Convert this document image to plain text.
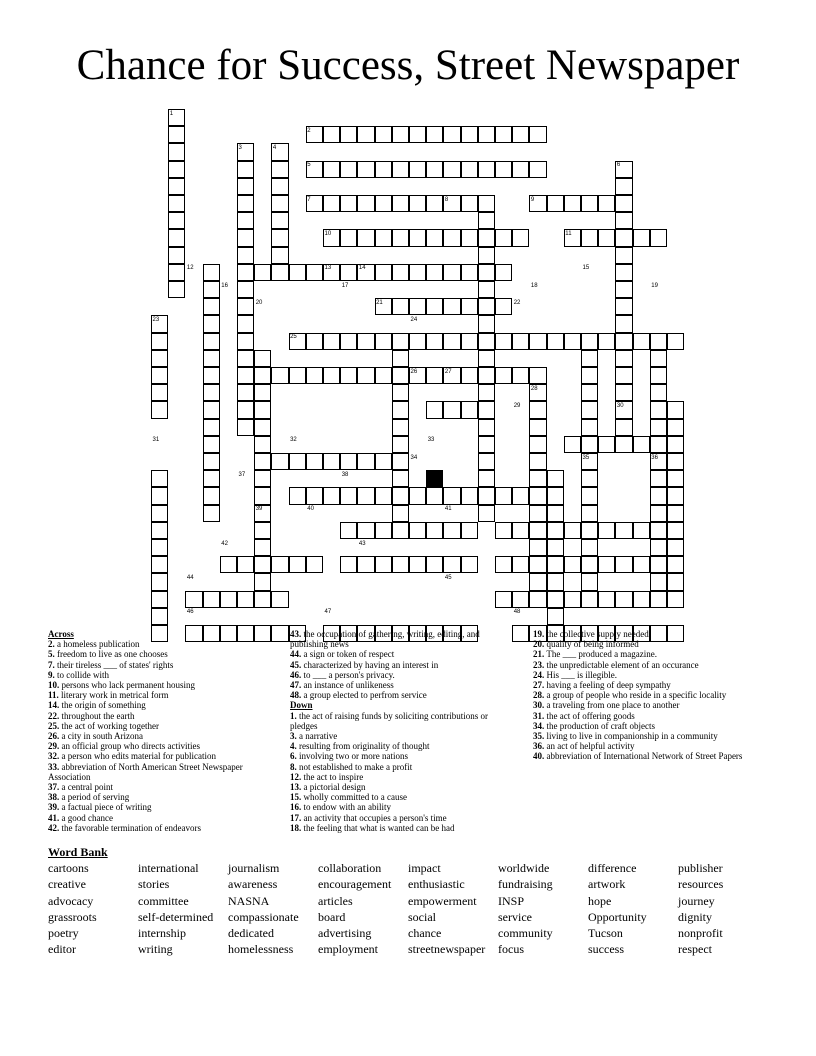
Chance for Success, Street Newspaper
1
2
3	4
5	6
7	8	9
10	11
12	13	14	15
16	17	18	19
20	21	22
23	24
25
26	27
28
29	30
31	32	33
34	35	36
37	38
39	40	41
42	43
44	45
46	47	48
Across
2. a homeless publication
5. freedom to live as one chooses
7. their tireless ___ of states' rights
9. to collide with
10. persons who lack permanent housing
11. literary work in metrical form
14. the origin of something
22. throughout the earth
25. the act of working together
26. a city in south Arizona
29. an official group who directs activities
32. a person who edits material for publication
33. abbreviation of North American Street Newspaper Association
37. a central point
38. a period of serving
39. a factual piece of writing
41. a good chance
42. the favorable termination of endeavors
43. the occupation of gathering, writing, editing, and publishing news
44. a sign or token of respect
45. characterized by having an interest in
46. to ___ a person's privacy.
47. an instance of unlikeness
48. a group elected to perfrom service
Down
1. the act of raising funds by soliciting contributions or pledges
3. a narrative
4. resulting from originality of thought
6. involving two or more nations
8. not established to make a profit
12. the act to inspire
13. a pictorial design
15. wholly committed to a cause
16. to endow with an ability
17. an activity that occupies a person's time
18. the feeling that what is wanted can be had
19. the collective supply needed
20. quality of being informed
21. The ___ produced a magazine.
23. the unpredictable element of an occurance
24. His ___ is illegible.
27. having a feeling of deep sympathy
28. a group of people who reside in a specific locality
30. a traveling from one place to another
31. the act of offering goods
34. the production of craft objects
35. living to live in companionship in a community
36. an act of helpful activity
40. abbreviation of International Network of Street Papers
Word Bank
cartoons	international	journalism	collaboration	impact	worldwide	difference	publisher
creative	stories	awareness	encouragement	enthusiastic	fundraising	artwork	resources
advocacy	committee	NASNA	articles	empowerment	INSP	hope	journey
grassroots	self-determined	compassionate	board	social	service	Opportunity	dignity
poetry	internship	dedicated	advertising	chance	community	Tucson	nonprofit
editor	writing	homelessness	employment	streetnewspaper	focus	success	respect
